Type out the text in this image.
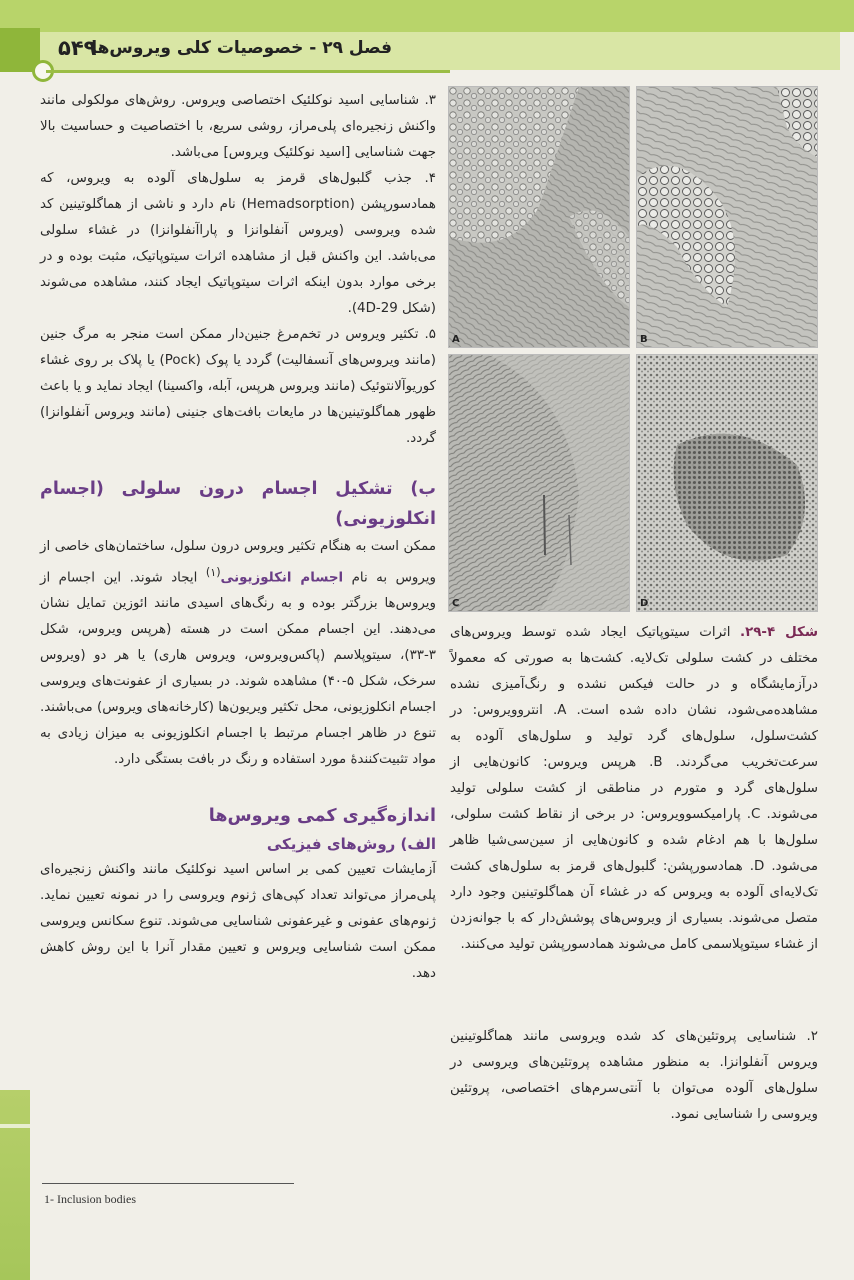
۵۴۹
فصل ۲۹ - خصوصیات کلی ویروس‌ها
A	B
C	D

۳. شناسایی اسید نوکلئیک اختصاصی ویروس. روش‌های مولکولی مانند واکنش زنجیره‌ای پلی‌مراز، روشی سریع، با اختصاصیت و حساسیت بالا جهت شناسایی [اسید نوکلئیک ویروس] می‌باشد.

۴. جذب گلبول‌های قرمز به سلول‌های آلوده به ویروس، که همادسورپشن (Hemadsorption) نام دارد و ناشی از هماگلوتینین کد شده ویروسی (ویروس آنفلوانزا و پاراآنفلوانزا) در غشاء سلولی می‌باشد. این واکنش قبل از مشاهده اثرات سیتوپاتیک، مثبت بوده و در برخی موارد بدون اینکه اثرات سیتوپاتیک ایجاد کنند، مشاهده می‌شوند (شکل 4D-29).

۵. تکثیر ویروس در تخم‌مرغ جنین‌دار ممکن است منجر به مرگ جنین (مانند ویروس‌های آنسفالیت) گردد یا پوک (Pock) یا پلاک بر روی غشاء کوریوآلانتوئیک (مانند ویروس هرپس، آبله، واکسینا) ایجاد نماید و یا باعث ظهور هماگلوتینین‌ها در مایعات بافت‌های جنینی (مانند ویروس آنفلوانزا) گردد.

ب) تشکیل اجسام درون سلولی (اجسام انکلوزیونی)

ممکن است به هنگام تکثیر ویروس درون سلول، ساختمان‌های خاصی از ویروس به نام اجسام انکلوزیونی$^{(۱)}$ ایجاد شوند. این اجسام از ویروس‌ها بزرگتر بوده و به رنگ‌های اسیدی مانند ائوزین تمایل نشان می‌دهند. این اجسام ممکن است در هسته (هرپس ویروس، شکل ۳-۳۳)، سیتوپلاسم (پاکس‌ویروس، ویروس هاری) یا هر دو (ویروس سرخک، شکل ۵-۴۰) مشاهده شوند. در بسیاری از عفونت‌های ویروسی اجسام انکلوزیونی، محل تکثیر ویریون‌ها (کارخانه‌های ویروس) می‌باشند. تنوع در ظاهر اجسام مرتبط با اجسام انکلوزیونی به میزان زیادی به مواد تثبیت‌کنندهٔ مورد استفاده و رنگ در بافت بستگی دارد.

اندازه‌گیری کمی ویروس‌ها

الف) روش‌های فیزیکی

آزمایشات تعیین کمی بر اساس اسید نوکلئیک مانند واکنش زنجیره‌ای پلی‌مراز می‌تواند تعداد کپی‌های ژنوم ویروسی را در نمونه تعیین نماید. ژنوم‌های عفونی و غیرعفونی شناسایی می‌شوند. تنوع سکانس ویروسی ممکن است شناسایی ویروس و تعیین مقدار آنرا با این روش کاهش دهد.

شکل ۴-۲۹. اثرات سیتوپاتیک ایجاد شده توسط ویروس‌های مختلف در کشت سلولی تک‌لایه. کشت‌ها به صورتی که معمولاً درآزمایشگاه و در حالت فیکس نشده و رنگ‌آمیزی نشده مشاهده‌می‌شود، نشان داده شده است. A. انتروویروس: در کشت‌سلول، سلول‌های گرد تولید و سلول‌های آلوده به سرعت‌تخریب می‌گردند. B. هرپس ویروس: کانون‌هایی از سلول‌های گرد و متورم در مناطقی از کشت سلولی تولید می‌شوند. C. پارامیکسوویروس: در برخی از نقاط کشت سلولی، سلول‌ها با هم ادغام شده و کانون‌هایی از سین‌سی‌شیا ظاهر می‌شود. D. همادسورپشن: گلبول‌های قرمز به سلول‌های کشت تک‌لایه‌ای آلوده به ویروس که در غشاء آن هماگلوتینین وجود دارد متصل می‌شوند. بسیاری از ویروس‌های پوشش‌دار که با جوانه‌زدن از غشاء سیتوپلاسمی کامل می‌شوند همادسورپشن تولید می‌کنند.

۲. شناسایی پروتئین‌های کد شده ویروسی مانند هماگلوتینین ویروس آنفلوانزا. به منظور مشاهده پروتئین‌های ویروسی در سلول‌های آلوده می‌توان با آنتی‌سرم‌های اختصاصی، پروتئین ویروسی را شناسایی نمود.

1- Inclusion bodies
